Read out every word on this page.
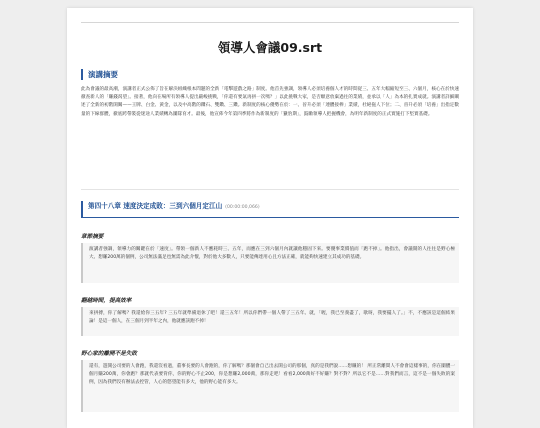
領導人會議09.srt
演講摘要
此為會議的最高潮，演講者正式公佈了旨在解決組織根本問題的全新「電擊遊戲之路」制度。他首先強調，領導人必須培養個人才的時間從三、五年大幅縮短至三、六個月，核心在於快速徹查新人的「賺錢渴望」。接著，他向在場所有領導人提出嚴峻挑戰，「你還有要氣再拼一次嗎？」以此挑戰大家，是否願意放棄過往的業績，並承以「人」為本的扎實成就。演講者詳細闡述了全新的初階開關——王牌、白金、黃金，以及中高階的鑽石、雙鑽、三鑽。新制度的核心優勢在於：一、晉升必須「連體接棒」業績，杜絕拖人下位；二、晉升必須「培養」出指定數量的下線群體，徹底跨帶裝從迷途人業績轉為團隊育才。最後，他宣佈今年第四季將作為新制度的「獵豹期」，鼓勵領導人把握機會，為明年新制度的正式實施打下堅實基礎。
第四十八章 速度決定成敗：三到六個月定江山 (00:00:00,066)
章節摘要
演講者強調，領導力的關鍵在於「速度」。帶領一個新人不應耗時三、五年，而應在三到六個月內就讓他穩固下來。要優事業價值而「跑不掉」。他指出，會議開的人往往是野心極大、想賺200萬的個例，公司無法滿足也無需為此介懷，對於他大多數人，只要能傳達用心且方法正確，就能夠快速建立其成功的基礎。
翻越時間，提高效率
來拼搏，你了解嗎？我還給你三五年? 三五年就準備退休了吧！還三五年！所以你們帶一個人帶了三五年。就，「喔，我已至義盡了，歇呀，我要擺人了。」不，不應該是這個結果論！是這一個人，在三個月到半年之內，他就應該跑不掉！
野心家的離開不是失敗
還有，遊開公司要的人會跑，我還沒看過，董事長要的人會跑的，你了解嗎？那個會自己出去開公司的那個，真的是我們說……想賺的！ 所正常離間人不會會這樣事的，你在團體一個月賺200萬，你會跑？那就代表要背你，你的野心不止200，你是想賺2,000萬，那你走吧！看看2,000萬好不好賺？對不對？所以它不是……對我們而言，這不是一個失敗的案例，因為我們沒有辦法去控管，人心的慾望能有多大，他的野心能有多大。
